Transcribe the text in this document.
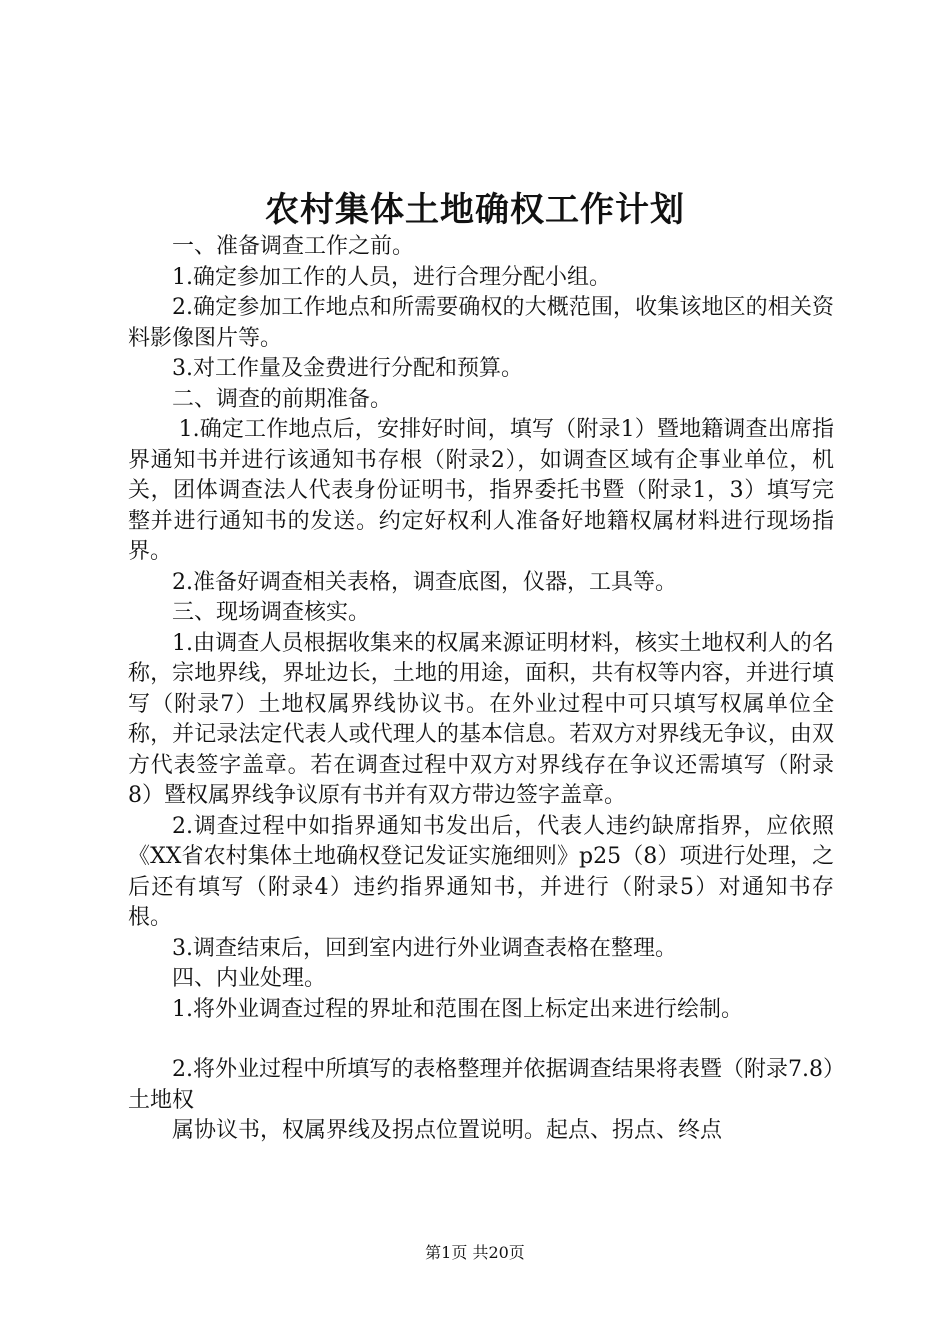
农村集体土地确权工作计划

一、准备调查工作之前。

1.确定参加工作的人员，进行合理分配小组。

2.确定参加工作地点和所需要确权的大概范围，收集该地区的相关资料影像图片等。

3.对工作量及金费进行分配和预算。

二、调查的前期准备。

1.确定工作地点后，安排好时间，填写（附录1）暨地籍调查出席指界通知书并进行该通知书存根（附录2），如调查区域有企事业单位，机关，团体调查法人代表身份证明书，指界委托书暨（附录1，3）填写完整并进行通知书的发送。约定好权利人准备好地籍权属材料进行现场指界。

2.准备好调查相关表格，调查底图，仪器，工具等。

三、现场调查核实。

1.由调查人员根据收集来的权属来源证明材料，核实土地权利人的名称，宗地界线，界址边长，土地的用途，面积，共有权等内容，并进行填写（附录7）土地权属界线协议书。在外业过程中可只填写权属单位全称，并记录法定代表人或代理人的基本信息。若双方对界线无争议，由双方代表签字盖章。若在调查过程中双方对界线存在争议还需填写（附录8）暨权属界线争议原有书并有双方带边签字盖章。

2.调查过程中如指界通知书发出后，代表人违约缺席指界，应依照《XX省农村集体土地确权登记发证实施细则》p25（8）项进行处理，之后还有填写（附录4）违约指界通知书，并进行（附录5）对通知书存根。

3.调查结束后，回到室内进行外业调查表格在整理。

四、内业处理。

1.将外业调查过程的界址和范围在图上标定出来进行绘制。

2.将外业过程中所填写的表格整理并依据调查结果将表暨（附录7.8）土地权

属协议书，权属界线及拐点位置说明。起点、拐点、终点

第1页 共20页
